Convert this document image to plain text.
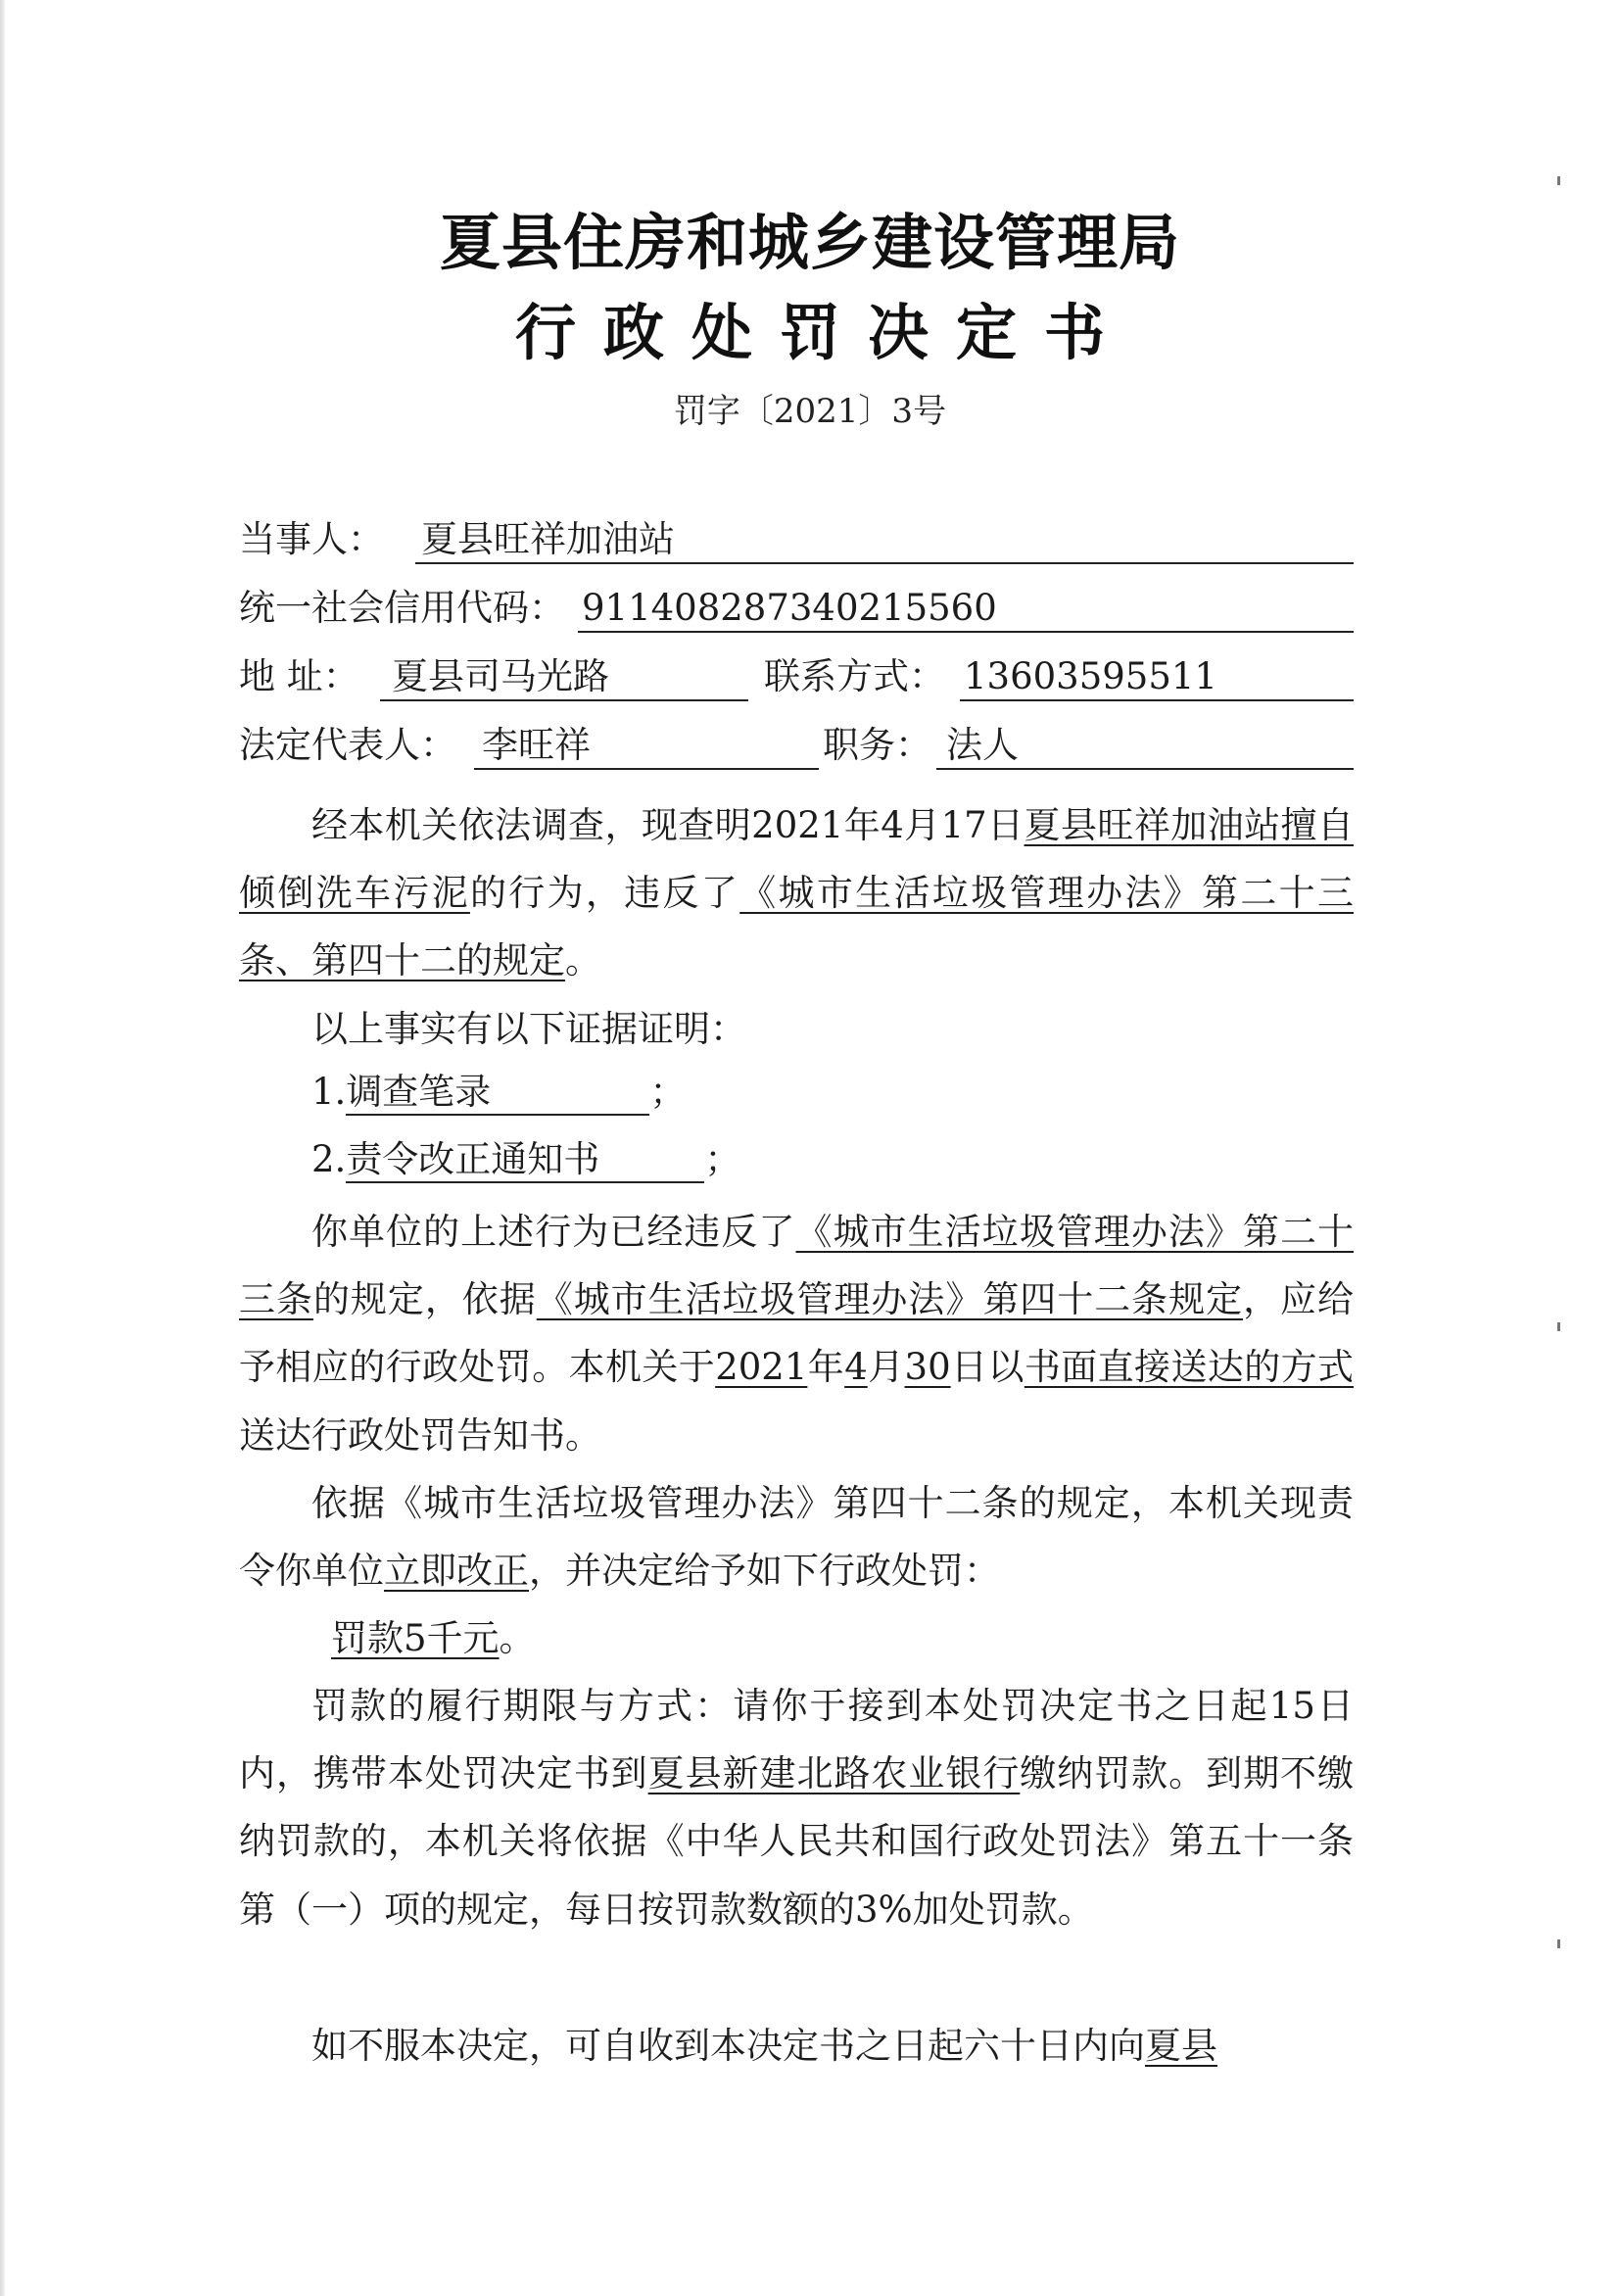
夏县住房和城乡建设管理局
行政处罚决定书
罚字〔2021〕3号
当事人： 夏县旺祥加油站
统一社会信用代码： 911408287340215560
地 址： 夏县司马光路	联系方式： 13603595511
法定代表人： 李旺祥	职务： 法人

经本机关依法调查，现查明2021年4月17日夏县旺祥加油站擅自倾倒洗车污泥的行为，违反了《城市生活垃圾管理办法》第二十三条、第四十二的规定。

以上事实有以下证据证明：

1.调查笔录	；
2.责令改正通知书	；

你单位的上述行为已经违反了《城市生活垃圾管理办法》第二十三条的规定，依据《城市生活垃圾管理办法》第四十二条规定，应给予相应的行政处罚。本机关于2021年4月30日以书面直接送达的方式送达行政处罚告知书。

依据《城市生活垃圾管理办法》第四十二条的规定，本机关现责令你单位立即改正，并决定给予如下行政处罚：

罚款5千元。

罚款的履行期限与方式：请你于接到本处罚决定书之日起15日内，携带本处罚决定书到夏县新建北路农业银行缴纳罚款。到期不缴纳罚款的，本机关将依据《中华人民共和国行政处罚法》第五十一条第（一）项的规定，每日按罚款数额的3%加处罚款。

如不服本决定，可自收到本决定书之日起六十日内向夏县
